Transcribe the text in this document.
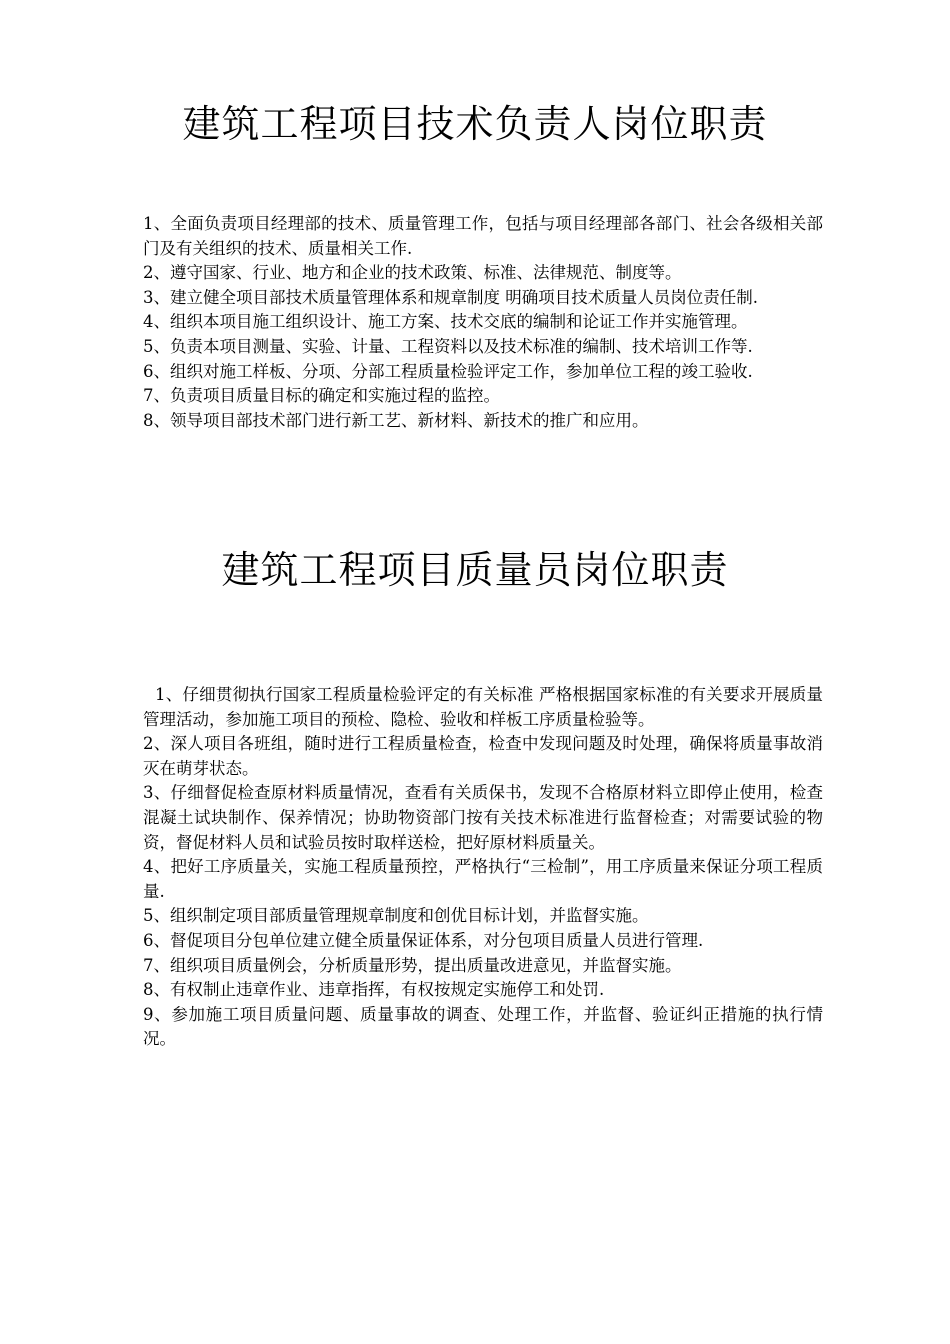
建筑工程项目技术负责人岗位职责
1、全面负责项目经理部的技术、质量管理工作，包括与项目经理部各部门、社会各级相关部门及有关组织的技术、质量相关工作.
2、遵守国家、行业、地方和企业的技术政策、标准、法律规范、制度等。
3、建立健全项目部技术质量管理体系和规章制度 明确项目技术质量人员岗位责任制.
4、组织本项目施工组织设计、施工方案、技术交底的编制和论证工作并实施管理。
5、负责本项目测量、实验、计量、工程资料以及技术标准的编制、技术培训工作等.
6、组织对施工样板、分项、分部工程质量检验评定工作，参加单位工程的竣工验收.
7、负责项目质量目标的确定和实施过程的监控。
8、领导项目部技术部门进行新工艺、新材料、新技术的推广和应用。
建筑工程项目质量员岗位职责
1、仔细贯彻执行国家工程质量检验评定的有关标准 严格根据国家标准的有关要求开展质量管理活动，参加施工项目的预检、隐检、验收和样板工序质量检验等。
2、深人项目各班组，随时进行工程质量检查，检查中发现问题及时处理，确保将质量事故消灭在萌芽状态。
3、仔细督促检查原材料质量情况，查看有关质保书，发现不合格原材料立即停止使用，检查混凝土试块制作、保养情况；协助物资部门按有关技术标准进行监督检查；对需要试验的物资，督促材料人员和试验员按时取样送检，把好原材料质量关。
4、把好工序质量关，实施工程质量预控，严格执行“三检制”，用工序质量来保证分项工程质量.
5、组织制定项目部质量管理规章制度和创优目标计划，并监督实施。
6、督促项目分包单位建立健全质量保证体系，对分包项目质量人员进行管理.
7、组织项目质量例会，分析质量形势，提出质量改进意见，并监督实施。
8、有权制止违章作业、违章指挥，有权按规定实施停工和处罚.
9、参加施工项目质量问题、质量事故的调查、处理工作，并监督、验证纠正措施的执行情况。
